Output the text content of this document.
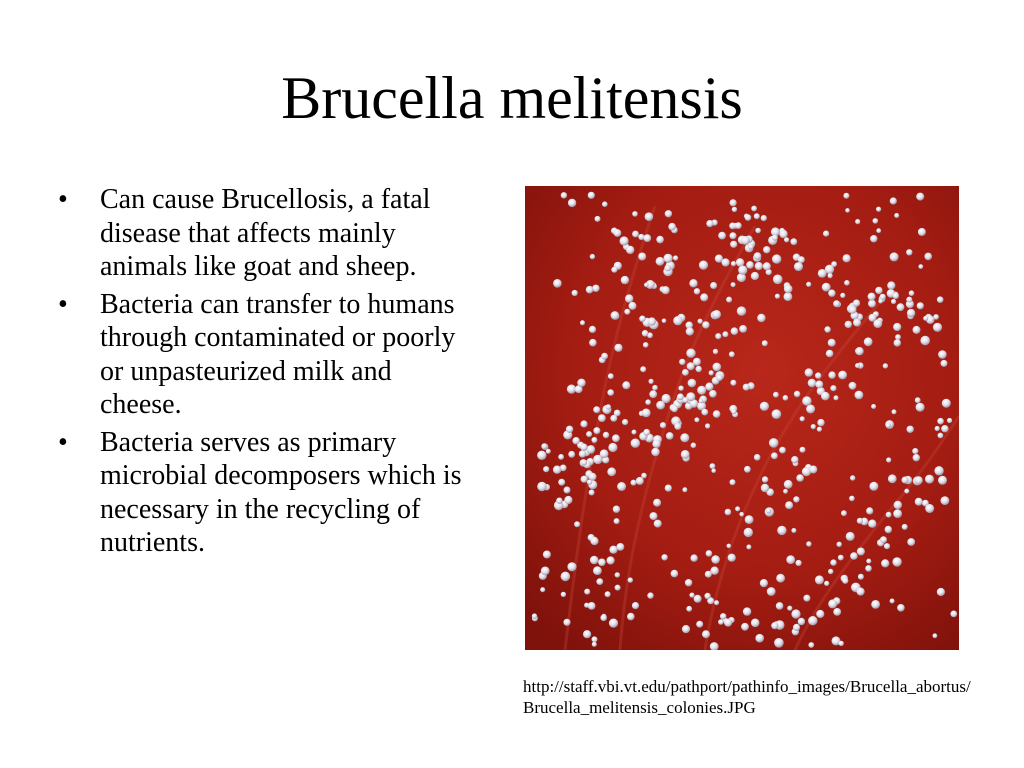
Brucella melitensis
• Can cause Brucellosis, a fatal disease that affects mainly animals like goat and sheep.
• Bacteria can transfer to humans through contaminated or poorly or unpasteurized milk and cheese.
• Bacteria serves as primary microbial decomposers which is necessary in the recycling of nutrients.
http://staff.vbi.vt.edu/pathport/pathinfo_images/Brucella_abortus/Brucella_melitensis_colonies.JPG
